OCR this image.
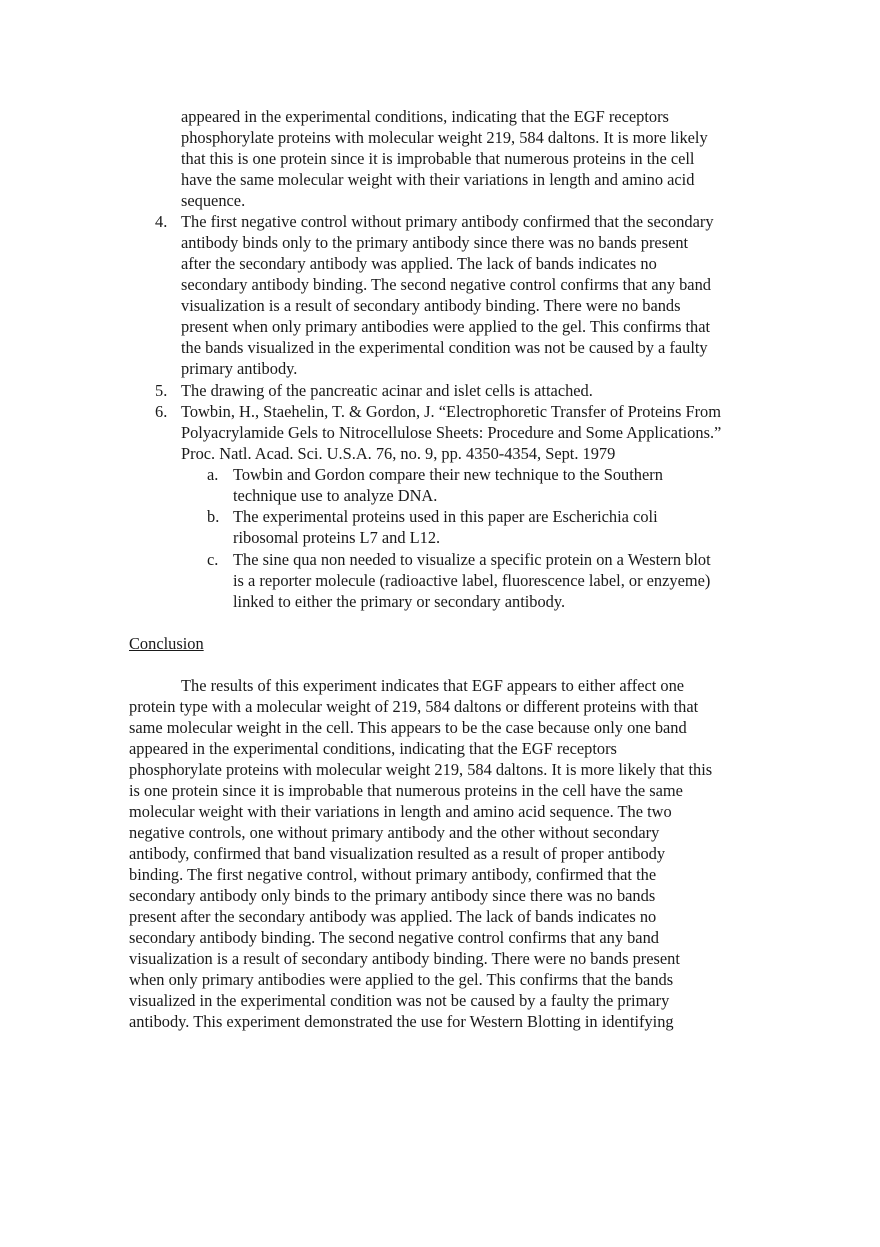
appeared in the experimental conditions, indicating that the EGF receptors
phosphorylate proteins with molecular weight 219, 584 daltons. It is more likely
that this is one protein since it is improbable that numerous proteins in the cell
have the same molecular weight with their variations in length and amino acid
sequence.
4. The first negative control without primary antibody confirmed that the secondary
antibody binds only to the primary antibody since there was no bands present
after the secondary antibody was applied. The lack of bands indicates no
secondary antibody binding. The second negative control confirms that any band
visualization is a result of secondary antibody binding. There were no bands
present when only primary antibodies were applied to the gel. This confirms that
the bands visualized in the experimental condition was not be caused by a faulty
primary antibody.
5. The drawing of the pancreatic acinar and islet cells is attached.
6. Towbin, H., Staehelin, T. & Gordon, J. “Electrophoretic Transfer of Proteins From
Polyacrylamide Gels to Nitrocellulose Sheets: Procedure and Some Applications.”
Proc. Natl. Acad. Sci. U.S.A. 76, no. 9, pp. 4350-4354, Sept. 1979
a. Towbin and Gordon compare their new technique to the Southern
technique use to analyze DNA.
b. The experimental proteins used in this paper are Escherichia coli
ribosomal proteins L7 and L12.
c. The sine qua non needed to visualize a specific protein on a Western blot
is a reporter molecule (radioactive label, fluorescence label, or enzyeme)
linked to either the primary or secondary antibody.
Conclusion
The results of this experiment indicates that EGF appears to either affect one
protein type with a molecular weight of 219, 584 daltons or different proteins with that
same molecular weight in the cell. This appears to be the case because only one band
appeared in the experimental conditions, indicating that the EGF receptors
phosphorylate proteins with molecular weight 219, 584 daltons. It is more likely that this
is one protein since it is improbable that numerous proteins in the cell have the same
molecular weight with their variations in length and amino acid sequence. The two
negative controls, one without primary antibody and the other without secondary
antibody, confirmed that band visualization resulted as a result of proper antibody
binding. The first negative control, without primary antibody, confirmed that the
secondary antibody only binds to the primary antibody since there was no bands
present after the secondary antibody was applied. The lack of bands indicates no
secondary antibody binding. The second negative control confirms that any band
visualization is a result of secondary antibody binding. There were no bands present
when only primary antibodies were applied to the gel. This confirms that the bands
visualized in the experimental condition was not be caused by a faulty the primary
antibody. This experiment demonstrated the use for Western Blotting in identifying
